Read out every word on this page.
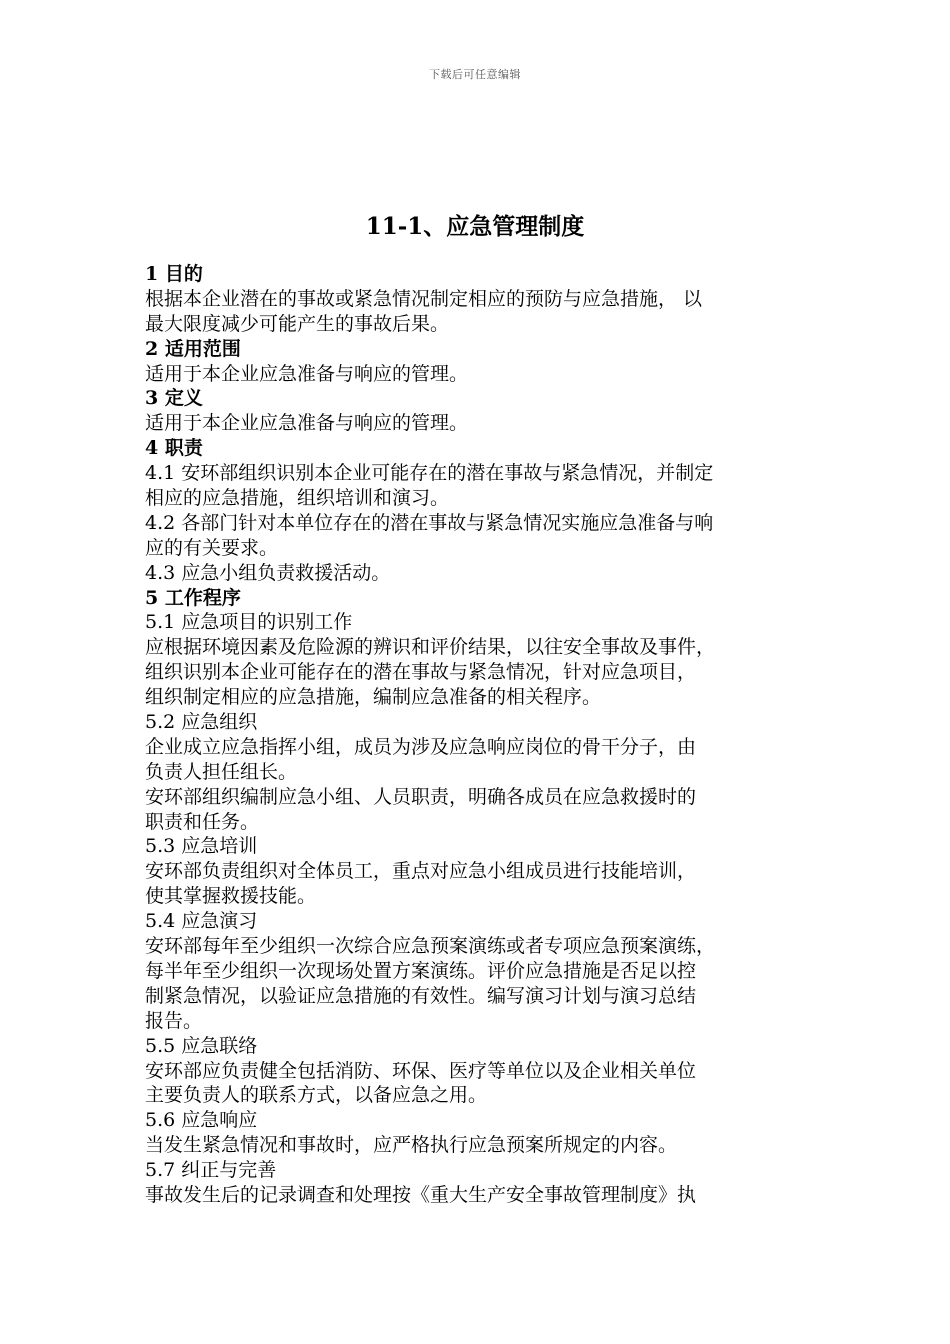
下载后可任意编辑
11-1、应急管理制度

1 目的

根据本企业潜在的事故或紧急情况制定相应的预防与应急措施， 以

最大限度减少可能产生的事故后果。

2 适用范围

适用于本企业应急准备与响应的管理。

3 定义

适用于本企业应急准备与响应的管理。

4 职责

4.1 安环部组织识别本企业可能存在的潜在事故与紧急情况，并制定

相应的应急措施，组织培训和演习。

4.2 各部门针对本单位存在的潜在事故与紧急情况实施应急准备与响

应的有关要求。

4.3 应急小组负责救援活动。

5 工作程序

5.1 应急项目的识别工作

应根据环境因素及危险源的辨识和评价结果，以往安全事故及事件，

组织识别本企业可能存在的潜在事故与紧急情况，针对应急项目，

组织制定相应的应急措施，编制应急准备的相关程序。

5.2 应急组织

企业成立应急指挥小组，成员为涉及应急响应岗位的骨干分子，由

负责人担任组长。

安环部组织编制应急小组、人员职责，明确各成员在应急救援时的

职责和任务。

5.3 应急培训

安环部负责组织对全体员工，重点对应急小组成员进行技能培训，

使其掌握救援技能。

5.4 应急演习

安环部每年至少组织一次综合应急预案演练或者专项应急预案演练，

每半年至少组织一次现场处置方案演练。评价应急措施是否足以控

制紧急情况，以验证应急措施的有效性。编写演习计划与演习总结

报告。

5.5 应急联络

安环部应负责健全包括消防、环保、医疗等单位以及企业相关单位

主要负责人的联系方式，以备应急之用。

5.6 应急响应

当发生紧急情况和事故时，应严格执行应急预案所规定的内容。

5.7 纠正与完善

事故发生后的记录调查和处理按《重大生产安全事故管理制度》执
